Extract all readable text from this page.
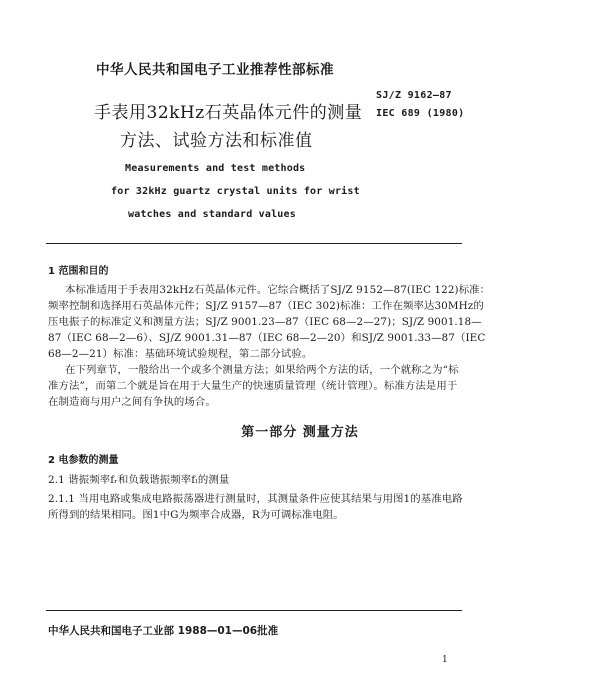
中华人民共和国电子工业推荐性部标准
SJ/Z 9162—87
IEC 689 (1980)
手表用32kHz石英晶体元件的测量
方法、试验方法和标准值
Measurements and test methods
for 32kHz guartz crystal units for wrist
watches and standard values
1 范围和目的
本标准适用于手表用32kHz石英晶体元件。它综合概括了SJ/Z 9152—87(IEC 122)标准：
频率控制和选择用石英晶体元件；SJ/Z 9157—87（IEC 302)标准：工作在频率达30MHz的
压电振子的标准定义和测量方法；SJ/Z 9001.23—87（IEC 68—2—27)；SJ/Z 9001.18—
87（IEC 68—2—6）、SJ/Z 9001.31—87（IEC 68—2—20）和SJ/Z 9001.33—87（IEC
68—2—21）标准：基础环境试验规程，第二部分试验。
在下列章节，一般给出一个或多个测量方法；如果给两个方法的话，一个就称之为“标
准方法”，而第二个就是旨在用于大量生产的快速质量管理（统计管理）。标准方法是用于
在制造商与用户之间有争执的场合。
第一部分 测量方法
2 电参数的测量
2.1 谐振频率fᵣ和负载谐振频率fₗ的测量
2.1.1 当用电路或集成电路振荡器进行测量时，其测量条件应使其结果与用图1的基准电路
所得到的结果相同。图1中G为频率合成器，R为可调标准电阻。
中华人民共和国电子工业部 1988—01—06批准
1
